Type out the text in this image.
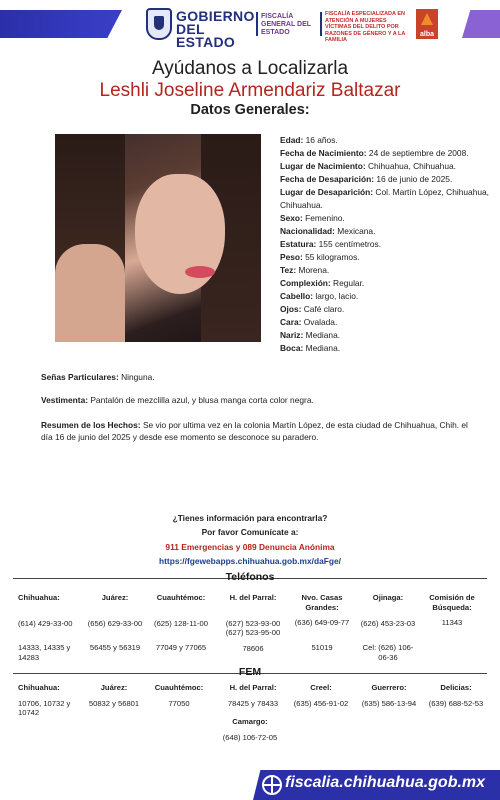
GOBIERNO DEL ESTADO
FISCALÍA GENERAL DEL ESTADO
FISCALÍA ESPECIALIZADA EN ATENCIÓN A MUJERES VÍCTIMAS DEL DELITO POR RAZONES DE GÉNERO Y A LA FAMILIA
alba
Ayúdanos a Localizarla
Leshli Joseline Armendariz Baltazar
Datos Generales:
Edad: 16 años.
Fecha de Nacimiento: 24 de septiembre de 2008.
Lugar de Nacimiento: Chihuahua, Chihuahua.
Fecha de Desaparición: 16 de junio de 2025.
Lugar de Desaparición: Col. Martín López, Chihuahua, Chihuahua.
Sexo: Femenino.
Nacionalidad: Mexicana.
Estatura: 155 centímetros.
Peso: 55 kilogramos.
Tez: Morena.
Complexión: Regular.
Cabello: largo, lacio.
Ojos: Café claro.
Cara: Ovalada.
Nariz: Mediana.
Boca: Mediana.
Señas Particulares: Ninguna.
Vestimenta: Pantalón de mezclilla azul, y blusa manga corta color negra.
Resumen de los Hechos: Se vio por ultima vez en la colonia Martín López, de esta ciudad de Chihuahua, Chih. el día 16 de junio del 2025 y desde ese momento se desconoce su paradero.
¿Tienes información para encontrarla?
Por favor Comunícate a:
911 Emergencias y 089 Denuncia Anónima
https://fgewebapps.chihuahua.gob.mx/daFge/
Teléfonos
Chihuahua:
(614) 429-33-00
14333, 14335 y 14283
Juárez:
(656) 629-33-00
56455 y 56319
Cuauhtémoc:
(625) 128-11-00
77049 y 77065
H. del Parral:
(627) 523-93-00 (627) 523-95-00
78606
Nvo. Casas Grandes:
(636) 649-09-77
51019
Ojinaga:
(626) 453-23-03
Cel: (626) 106-06-36
Comisión de Búsqueda:
11343
FEM
Chihuahua:
10706, 10732 y 10742
Juárez:
50832 y 56801
Cuauhtémoc:
77050
H. del Parral:
78425 y 78433
Creel:
(635) 456-91-02
Guerrero:
(635) 586-13-94
Delicias:
(639) 688-52-53
Camargo:
(648) 106-72-05
fiscalia.chihuahua.gob.mx
